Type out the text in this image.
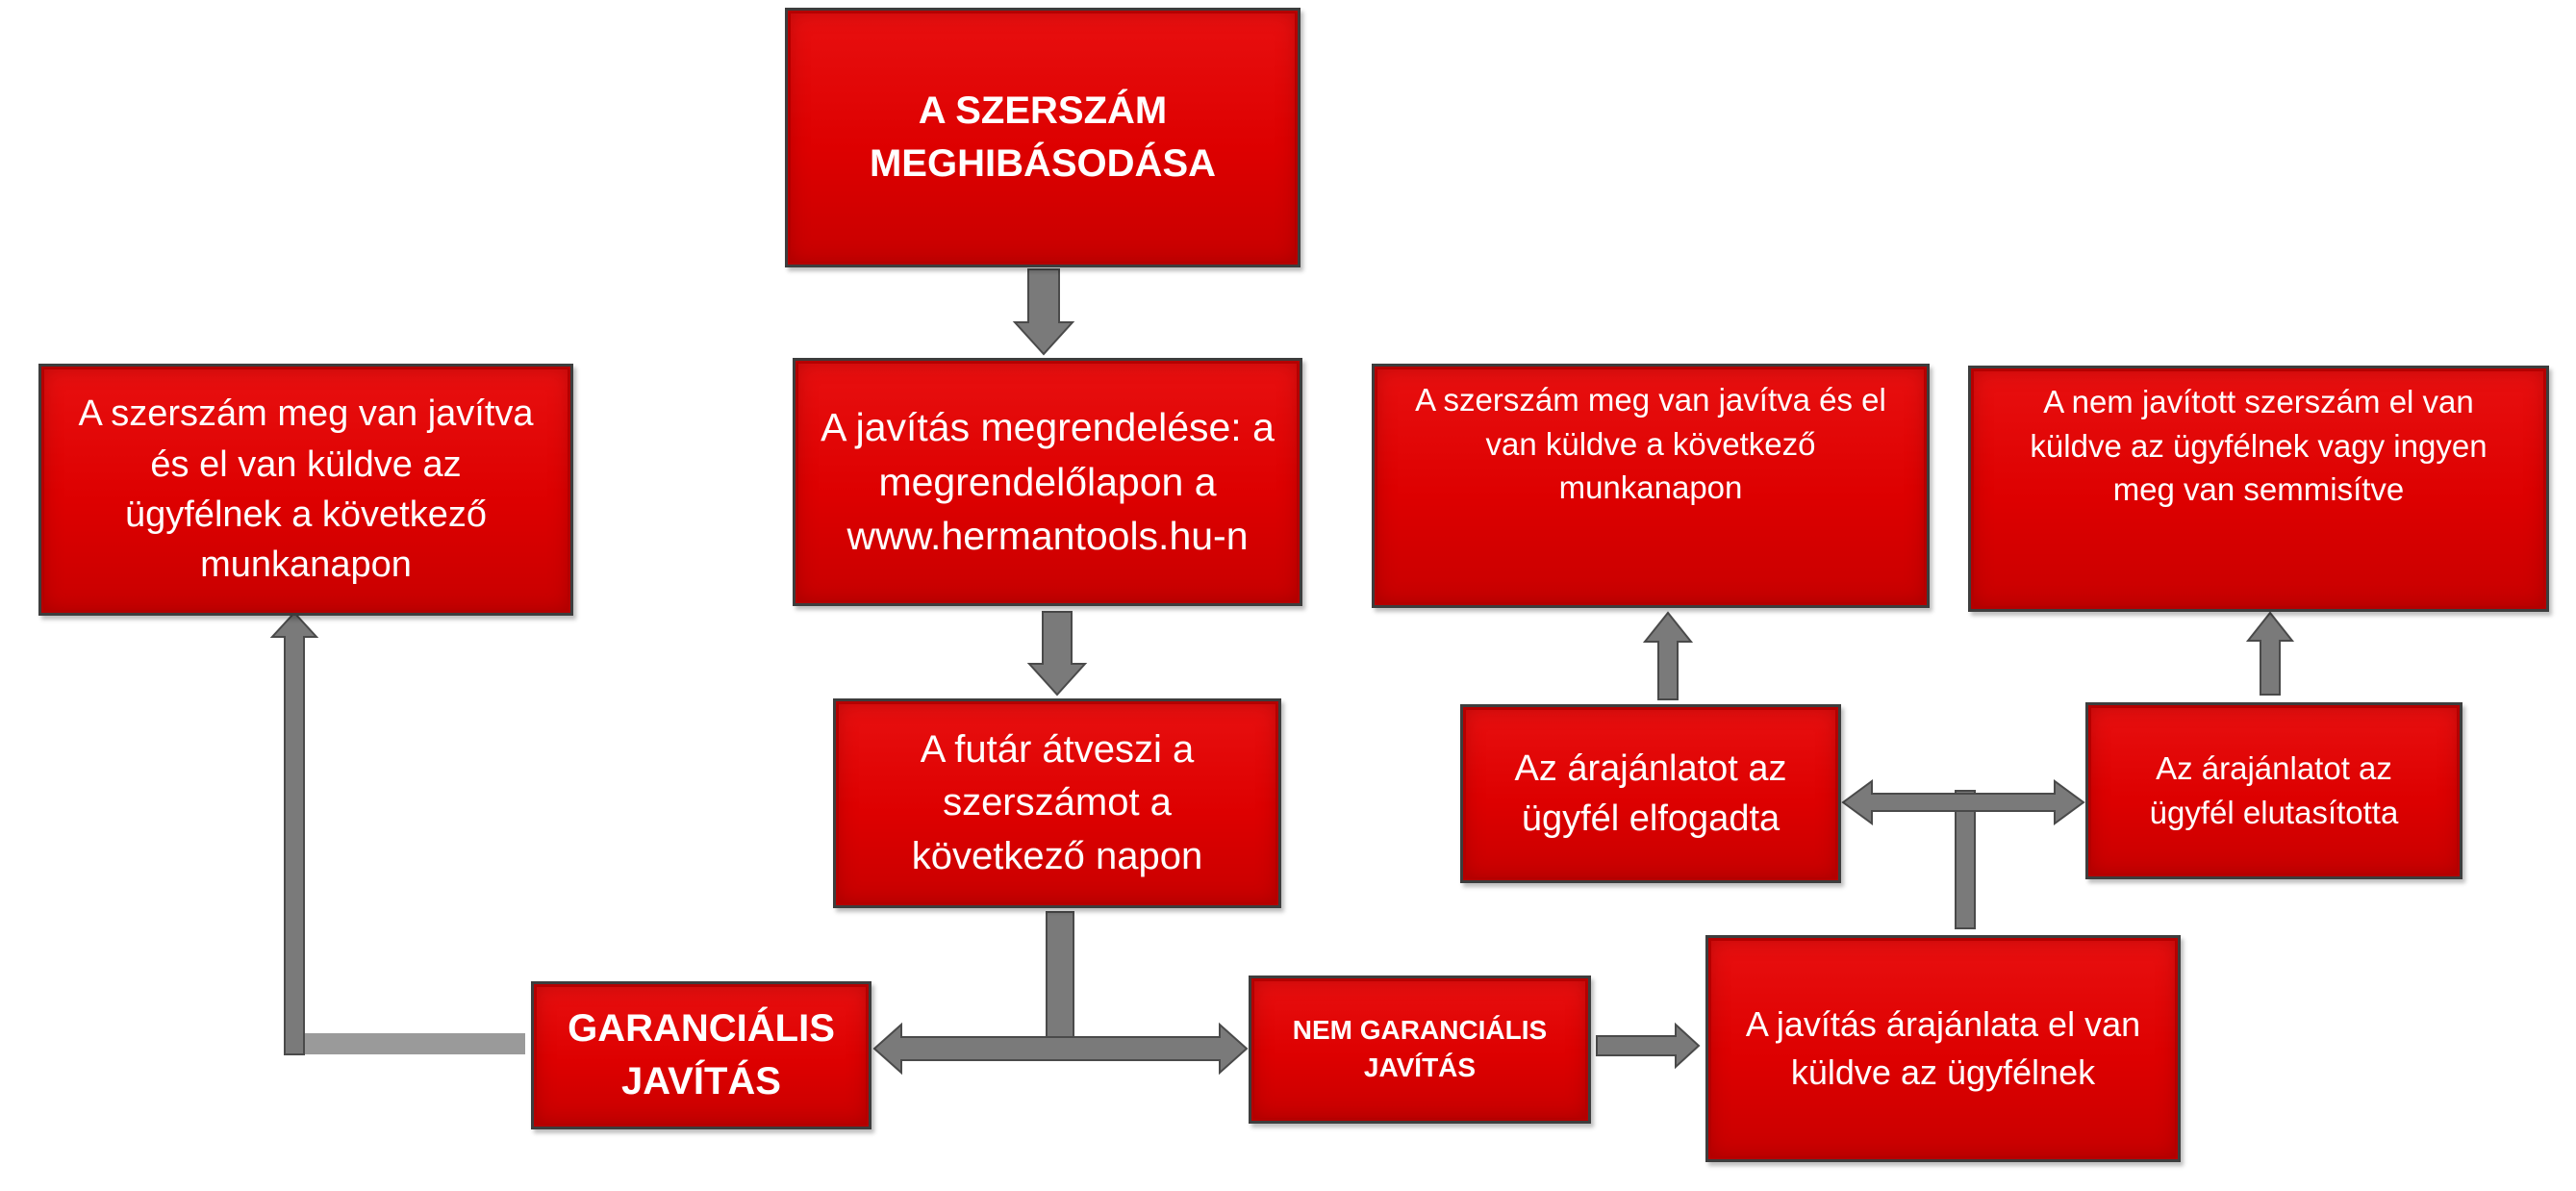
A SZERSZÁM
MEGHIBÁSODÁSA
A javítás megrendelése: a
megrendelőlapon a
www.hermantools.hu-n
A futár átveszi a
szerszámot a
következő napon
GARANCIÁLIS
JAVÍTÁS
NEM GARANCIÁLIS
JAVÍTÁS
A javítás árajánlata el van
küldve az ügyfélnek
Az árajánlatot az
ügyfél elfogadta
Az árajánlatot az
ügyfél elutasította
A szerszám meg van javítva
és el van küldve az
ügyfélnek a következő
munkanapon
A szerszám meg van javítva és el
van küldve a következő
munkanapon
A nem javított szerszám el van
küldve az ügyfélnek vagy ingyen
meg van semmisítve
